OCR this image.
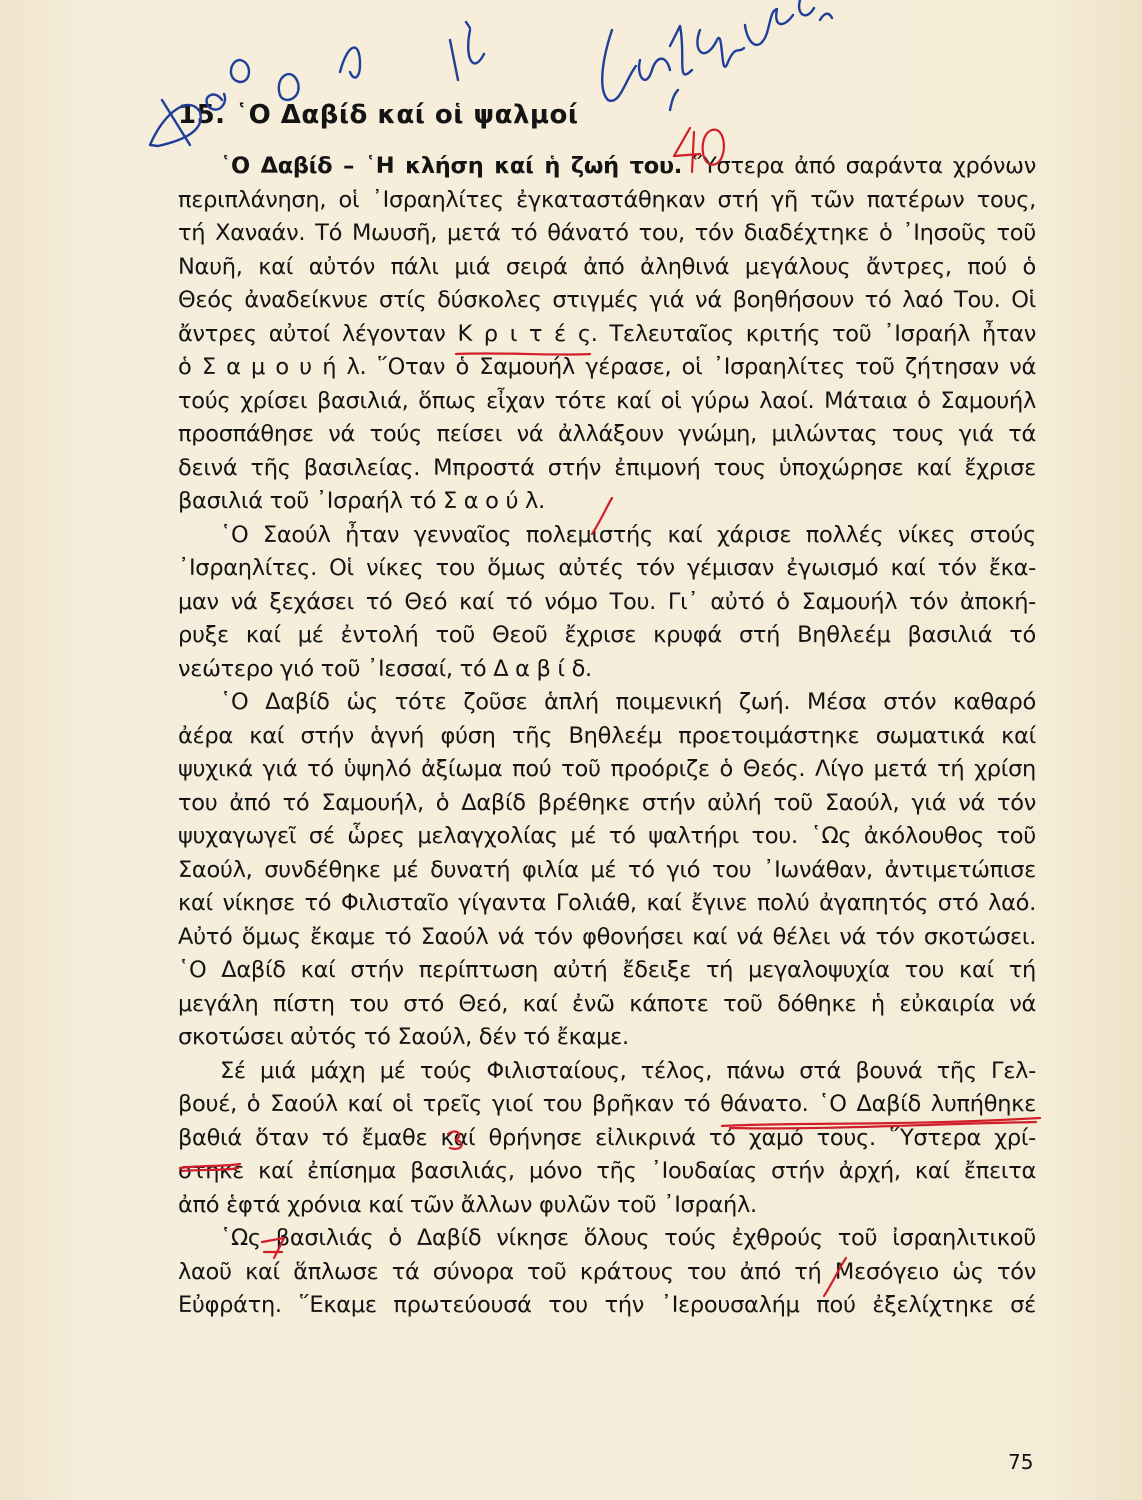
15. ῾Ο Δαβίδ καί οἱ ψαλμοί
῾Ο Δαβίδ – ῾Η κλήση καί ἡ ζωή του. ῞Υστερα ἀπό σαράντα χρόνων
περιπλάνηση, οἱ ᾿Ισραηλίτες ἐγκαταστάθηκαν στή γῆ τῶν πατέρων τους,
τή Χαναάν. Τό Μωυσῆ, μετά τό θάνατό του, τόν διαδέχτηκε ὁ ᾿Ιησοῦς τοῦ
Ναυῆ, καί αὐτόν πάλι μιά σειρά ἀπό ἀληθινά μεγάλους ἄντρες, πού ὁ
Θεός ἀναδείκνυε στίς δύσκολες στιγμές γιά νά βοηθήσουν τό λαό Του. Οἱ
ἄντρες αὐτοί λέγονταν Κ ρ ι τ έ ς. Τελευταῖος κριτής τοῦ ᾿Ισραήλ ἦταν
ὁ Σ α μ ο υ ή λ. ῞Οταν ὁ Σαμουήλ γέρασε, οἱ ᾿Ισραηλίτες τοῦ ζήτησαν νά
τούς χρίσει βασιλιά, ὅπως εἶχαν τότε καί οἱ γύρω λαοί. Μάταια ὁ Σαμουήλ
προσπάθησε νά τούς πείσει νά ἀλλάξουν γνώμη, μιλώντας τους γιά τά
δεινά τῆς βασιλείας. Μπροστά στήν ἐπιμονή τους ὑποχώρησε καί ἔχρισε
βασιλιά τοῦ ᾿Ισραήλ τό Σ α ο ύ λ.
῾Ο Σαούλ ἦταν γενναῖος πολεμιστής καί χάρισε πολλές νίκες στούς
᾿Ισραηλίτες. Οἱ νίκες του ὅμως αὐτές τόν γέμισαν ἐγωισμό καί τόν ἔκα-
μαν νά ξεχάσει τό Θεό καί τό νόμο Του. Γι᾿ αὐτό ὁ Σαμουήλ τόν ἀποκή-
ρυξε καί μέ ἐντολή τοῦ Θεοῦ ἔχρισε κρυφά στή Βηθλεέμ βασιλιά τό
νεώτερο γιό τοῦ ᾿Ιεσσαί, τό Δ α β ί δ.
῾Ο Δαβίδ ὡς τότε ζοῦσε ἁπλή ποιμενική ζωή. Μέσα στόν καθαρό
ἀέρα καί στήν ἁγνή φύση τῆς Βηθλεέμ προετοιμάστηκε σωματικά καί
ψυχικά γιά τό ὑψηλό ἀξίωμα πού τοῦ προόριζε ὁ Θεός. Λίγο μετά τή χρίση
του ἀπό τό Σαμουήλ, ὁ Δαβίδ βρέθηκε στήν αὐλή τοῦ Σαούλ, γιά νά τόν
ψυχαγωγεῖ σέ ὧρες μελαγχολίας μέ τό ψαλτήρι του. ῾Ως ἀκόλουθος τοῦ
Σαούλ, συνδέθηκε μέ δυνατή φιλία μέ τό γιό του ᾿Ιωνάθαν, ἀντιμετώπισε
καί νίκησε τό Φιλισταῖο γίγαντα Γολιάθ, καί ἔγινε πολύ ἀγαπητός στό λαό.
Αὐτό ὅμως ἔκαμε τό Σαούλ νά τόν φθονήσει καί νά θέλει νά τόν σκοτώσει.
῾Ο Δαβίδ καί στήν περίπτωση αὐτή ἔδειξε τή μεγαλοψυχία του καί τή
μεγάλη πίστη του στό Θεό, καί ἐνῶ κάποτε τοῦ δόθηκε ἡ εὐκαιρία νά
σκοτώσει αὐτός τό Σαούλ, δέν τό ἔκαμε.
Σέ μιά μάχη μέ τούς Φιλισταίους, τέλος, πάνω στά βουνά τῆς Γελ-
βουέ, ὁ Σαούλ καί οἱ τρεῖς γιοί του βρῆκαν τό θάνατο. ῾Ο Δαβίδ λυπήθηκε
βαθιά ὅταν τό ἔμαθε καί θρήνησε εἰλικρινά τό χαμό τους. ῞Υστερα χρί-
στηκε καί ἐπίσημα βασιλιάς, μόνο τῆς ᾿Ιουδαίας στήν ἀρχή, καί ἔπειτα
ἀπό ἑφτά χρόνια καί τῶν ἄλλων φυλῶν τοῦ ᾿Ισραήλ.
῾Ως βασιλιάς ὁ Δαβίδ νίκησε ὅλους τούς ἐχθρούς τοῦ ἰσραηλιτικοῦ
λαοῦ καί ἅπλωσε τά σύνορα τοῦ κράτους του ἀπό τή Μεσόγειο ὡς τόν
Εὐφράτη. ῞Εκαμε πρωτεύουσά του τήν ᾿Ιερουσαλήμ πού ἐξελίχτηκε σέ
75
